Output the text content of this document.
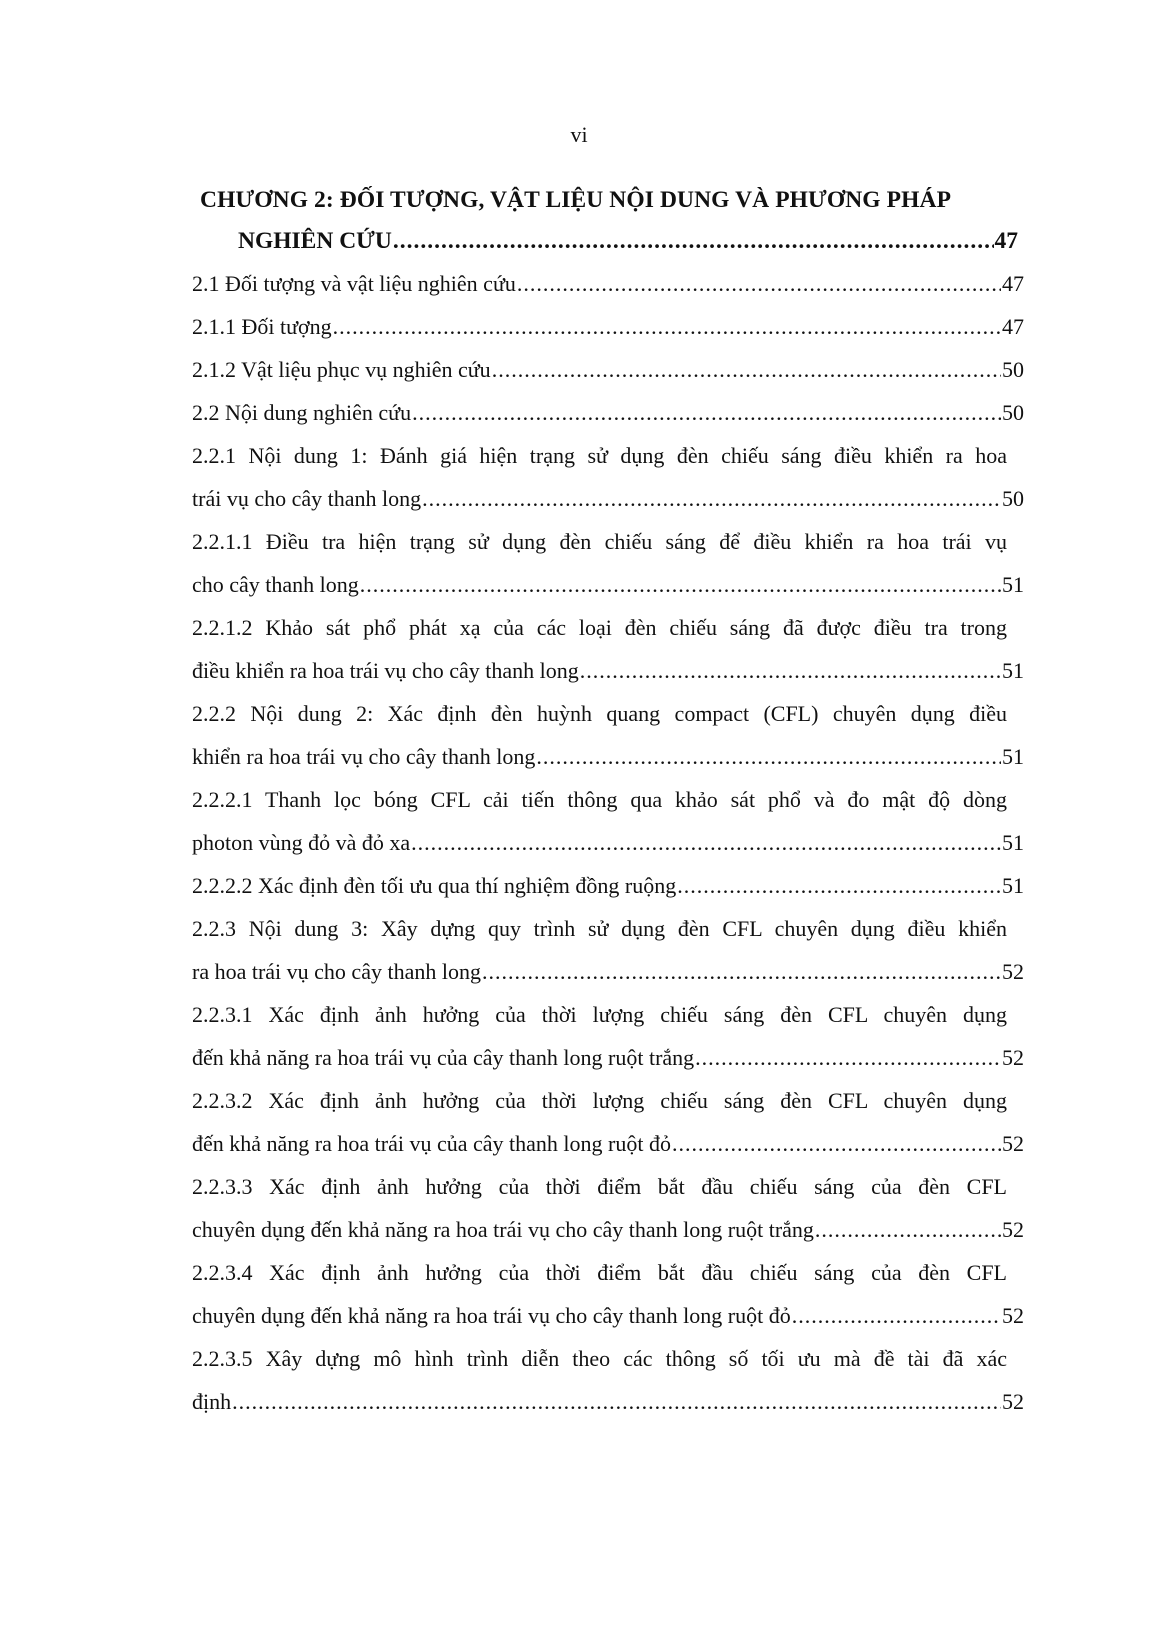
vi
CHƯƠNG 2: ĐỐI TƯỢNG, VẬT LIỆU NỘI DUNG VÀ PHƯƠNG PHÁP
NGHIÊN CỨU .....	47
2.1 Đối tượng và vật liệu nghiên cứu .....	47
2.1.1 Đối tượng .....	47
2.1.2 Vật liệu phục vụ nghiên cứu .....	50
2.2 Nội dung nghiên cứu .....	50
2.2.1 Nội dung 1: Đánh giá hiện trạng sử dụng đèn chiếu sáng điều khiển ra hoa
trái vụ cho cây thanh long .....	50
2.2.1.1 Điều tra hiện trạng sử dụng đèn chiếu sáng để điều khiển ra hoa trái vụ
cho cây thanh long .....	51
2.2.1.2 Khảo sát phổ phát xạ của các loại đèn chiếu sáng đã được điều tra trong
điều khiển ra hoa trái vụ cho cây thanh long .....	51
2.2.2 Nội dung 2: Xác định đèn huỳnh quang compact (CFL) chuyên dụng điều
khiển ra hoa trái vụ cho cây thanh long .....	51
2.2.2.1 Thanh lọc bóng CFL cải tiến thông qua khảo sát phổ và đo mật độ dòng
photon vùng đỏ và đỏ xa .....	51
2.2.2.2 Xác định đèn tối ưu qua thí nghiệm đồng ruộng .....	51
2.2.3 Nội dung 3: Xây dựng quy trình sử dụng đèn CFL chuyên dụng điều khiển
ra hoa trái vụ cho cây thanh long .....	52
2.2.3.1 Xác định ảnh hưởng của thời lượng chiếu sáng đèn CFL chuyên dụng
đến khả năng ra hoa trái vụ của cây thanh long ruột trắng .....	52
2.2.3.2 Xác định ảnh hưởng của thời lượng chiếu sáng đèn CFL chuyên dụng
đến khả năng ra hoa trái vụ của cây thanh long ruột đỏ .....	52
2.2.3.3 Xác định ảnh hưởng của thời điểm bắt đầu chiếu sáng của đèn CFL
chuyên dụng đến khả năng ra hoa trái vụ cho cây thanh long ruột trắng .....	52
2.2.3.4 Xác định ảnh hưởng của thời điểm bắt đầu chiếu sáng của đèn CFL
chuyên dụng đến khả năng ra hoa trái vụ cho cây thanh long ruột đỏ .....	52
2.2.3.5 Xây dựng mô hình trình diễn theo các thông số tối ưu mà đề tài đã xác
định .....	52
